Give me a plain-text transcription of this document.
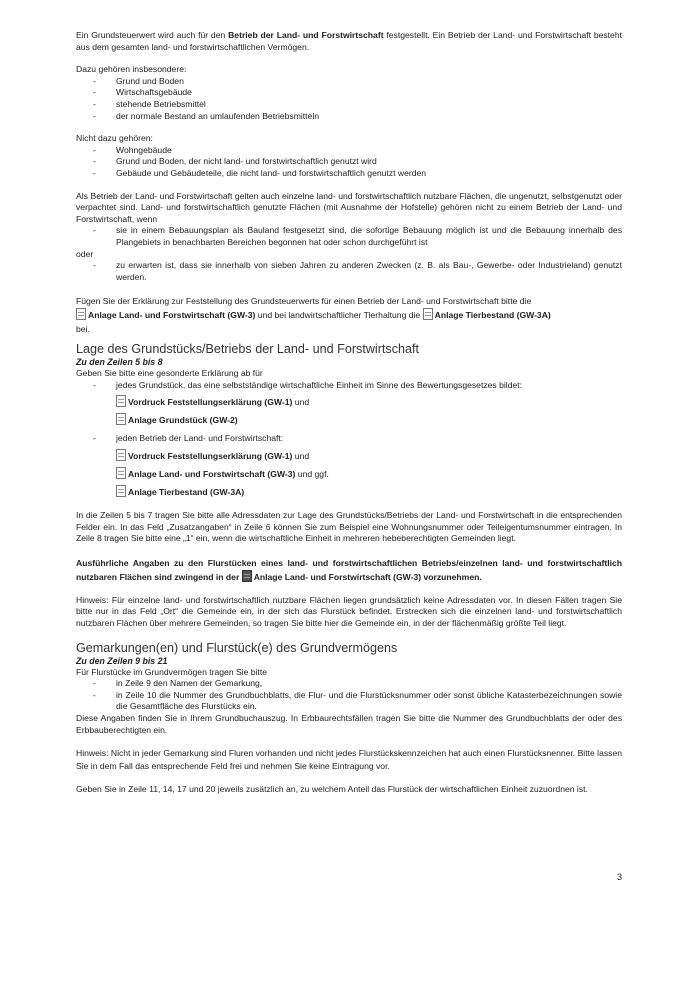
Ein Grundsteuerwert wird auch für den Betrieb der Land- und Forstwirtschaft festgestellt. Ein Betrieb der Land- und Forstwirtschaft besteht aus dem gesamten land- und forstwirtschaftlichen Vermögen.

Dazu gehören insbesondere:

- Grund und Boden
- Wirtschaftsgebäude
- stehende Betriebsmittel
- der normale Bestand an umlaufenden Betriebsmitteln

Nicht dazu gehören:

- Wohngebäude
- Grund und Boden, der nicht land- und forstwirtschaftlich genutzt wird
- Gebäude und Gebäudeteile, die nicht land- und forstwirtschaftlich genutzt werden

Als Betrieb der Land- und Forstwirtschaft gelten auch einzelne land- und forstwirtschaftlich nutzbare Flächen, die ungenutzt, selbstgenutzt oder verpachtet sind. Land- und forstwirtschaftlich genutzte Flächen (mit Ausnahme der Hofstelle) gehören nicht zu einem Betrieb der Land- und Forstwirtschaft, wenn

- sie in einem Bebauungsplan als Bauland festgesetzt sind, die sofortige Bebauung möglich ist und die Bebauung innerhalb des Plangebiets in benachbarten Bereichen begonnen hat oder schon durchgeführt ist

oder

- zu erwarten ist, dass sie innerhalb von sieben Jahren zu anderen Zwecken (z. B. als Bau-, Gewerbe- oder Industrieland) genutzt werden.

Fügen Sie der Erklärung zur Feststellung des Grundsteuerwerts für einen Betrieb der Land- und Forstwirtschaft bitte die
Anlage Land- und Forstwirtschaft (GW-3) und bei landwirtschaftlicher Tierhaltung die Anlage Tierbestand (GW-3A)
bei.

Lage des Grundstücks/Betriebs der Land- und Forstwirtschaft
Zu den Zeilen 5 bis 8

Geben Sie bitte eine gesonderte Erklärung ab für

- jedes Grundstück, das eine selbstständige wirtschaftliche Einheit im Sinne des Bewertungsgesetzes bildet:
Vordruck Feststellungserklärung (GW-1) und
Anlage Grundstück (GW-2)
- jeden Betrieb der Land- und Forstwirtschaft:
Vordruck Feststellungserklärung (GW-1) und
Anlage Land- und Forstwirtschaft (GW-3) und ggf.
Anlage Tierbestand (GW-3A)

In die Zeilen 5 bis 7 tragen Sie bitte alle Adressdaten zur Lage des Grundstücks/Betriebs der Land- und Forstwirtschaft in die entsprechenden Felder ein. In das Feld „Zusatzangaben“ in Zeile 6 können Sie zum Beispiel eine Wohnungsnummer oder Teileigentumsnummer eintragen. In Zeile 8 tragen Sie bitte eine „1“ ein, wenn die wirtschaftliche Einheit in mehreren hebeberechtigten Gemeinden liegt.

Ausführliche Angaben zu den Flurstücken eines land- und forstwirtschaftlichen Betriebs/einzelnen land- und forstwirtschaftlich nutzbaren Flächen sind zwingend in der Anlage Land- und Forstwirtschaft (GW-3) vorzunehmen.

Hinweis: Für einzelne land- und forstwirtschaftlich nutzbare Flächen liegen grundsätzlich keine Adressdaten vor. In diesen Fällen tragen Sie bitte nur in das Feld „Ort“ die Gemeinde ein, in der sich das Flurstück befindet. Erstrecken sich die einzelnen land- und forstwirtschaftlich nutzbaren Flächen über mehrere Gemeinden, so tragen Sie bitte hier die Gemeinde ein, in der der flächenmäßig größte Teil liegt.

Gemarkungen(en) und Flurstück(e) des Grundvermögens
Zu den Zeilen 9 bis 21

Für Flurstücke im Grundvermögen tragen Sie bitte

- in Zeile 9 den Namen der Gemarkung,
- in Zeile 10 die Nummer des Grundbuchblatts, die Flur- und die Flurstücksnummer oder sonst übliche Katasterbezeichnungen sowie die Gesamtfläche des Flurstücks ein.

Diese Angaben finden Sie in Ihrem Grundbuchauszug. In Erbbaurechtsfällen tragen Sie bitte die Nummer des Grundbuchblatts der oder des Erbbauberechtigten ein.

Hinweis: Nicht in jeder Gemarkung sind Fluren vorhanden und nicht jedes Flurstückskennzeichen hat auch einen Flurstücksnenner. Bitte lassen Sie in dem Fall das entsprechende Feld frei und nehmen Sie keine Eintragung vor.

Geben Sie in Zeile 11, 14, 17 und 20 jeweils zusätzlich an, zu welchem Anteil das Flurstück der wirtschaftlichen Einheit zuzuordnen ist.

3
